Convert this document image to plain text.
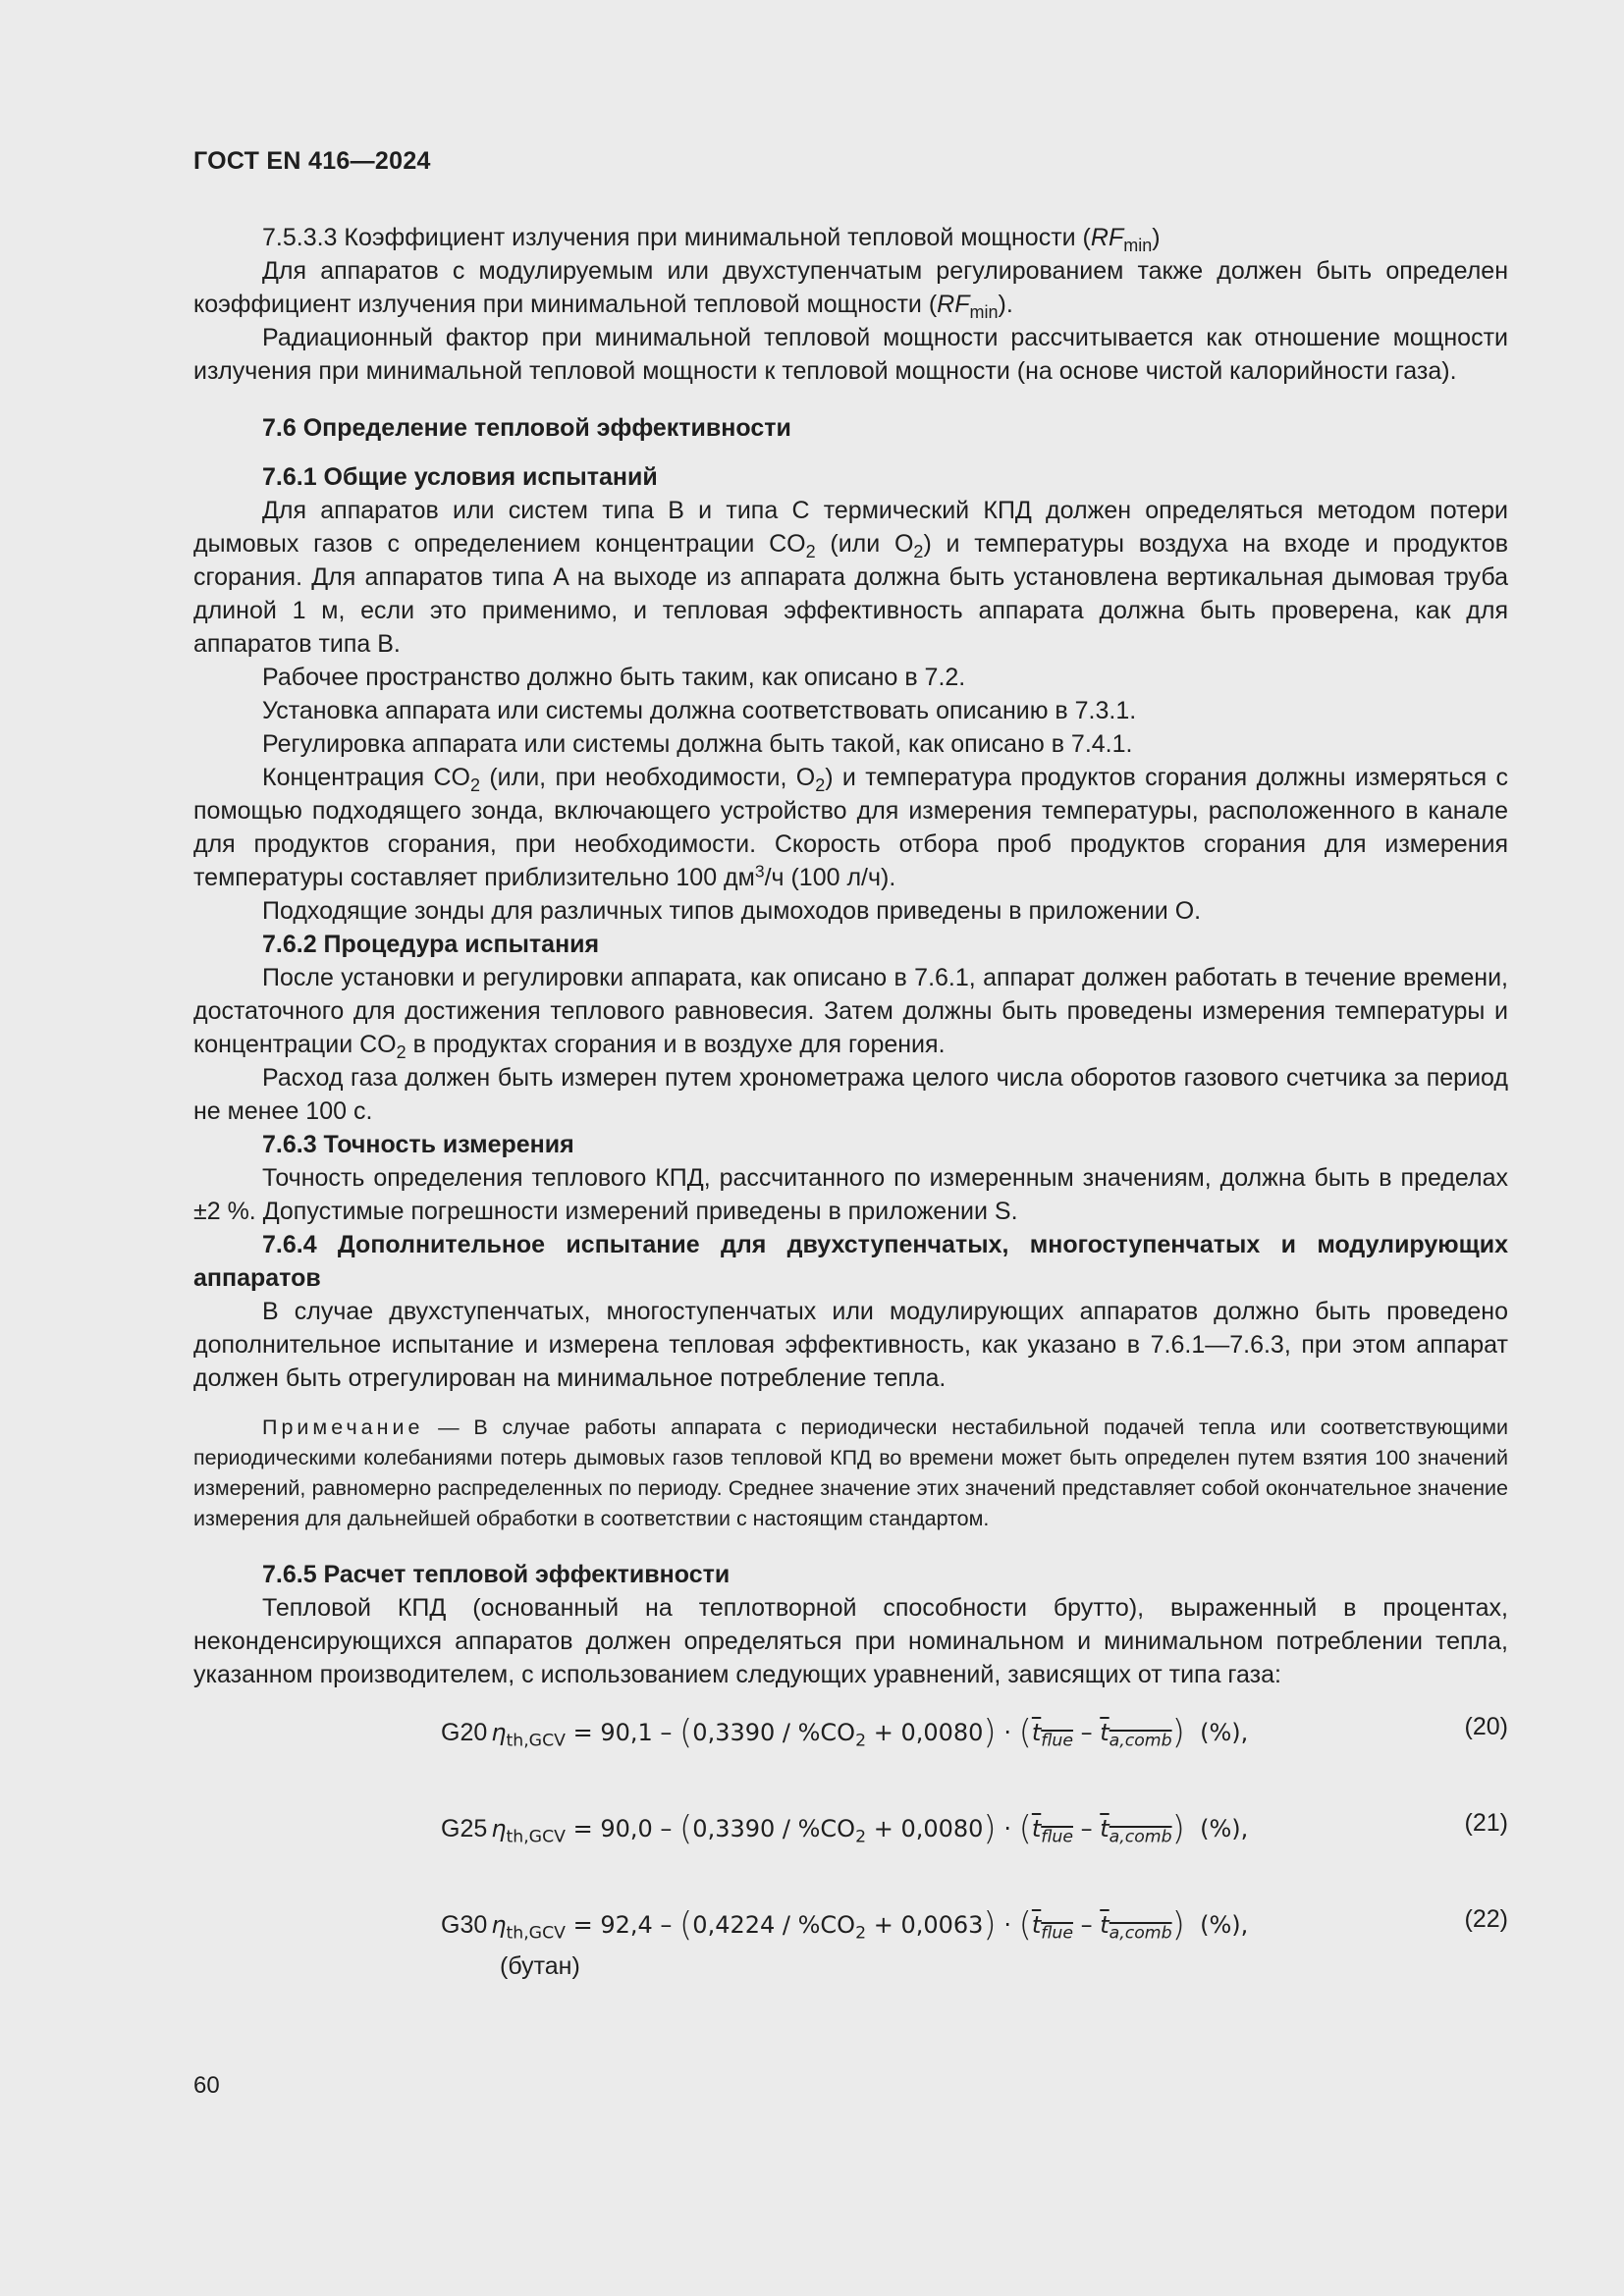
ГОСТ EN 416—2024

7.5.3.3 Коэффициент излучения при минимальной тепловой мощности $(RF_{min})$

Для аппаратов с модулируемым или двухступенчатым регулированием также должен быть определен коэффициент излучения при минимальной тепловой мощности $(RF_{min})$.

Радиационный фактор при минимальной тепловой мощности рассчитывается как отношение мощности излучения при минимальной тепловой мощности к тепловой мощности (на основе чистой калорийности газа).

7.6 Определение тепловой эффективности
7.6.1 Общие условия испытаний

Для аппаратов или систем типа B и типа C термический КПД должен определяться методом потери дымовых газов с определением концентрации $CO_2$ (или $O_2$) и температуры воздуха на входе и продуктов сгорания. Для аппаратов типа A на выходе из аппарата должна быть установлена вертикальная дымовая труба длиной 1 м, если это применимо, и тепловая эффективность аппарата должна быть проверена, как для аппаратов типа B.

Рабочее пространство должно быть таким, как описано в 7.2.

Установка аппарата или системы должна соответствовать описанию в 7.3.1.

Регулировка аппарата или системы должна быть такой, как описано в 7.4.1.

Концентрация $CO_2$ (или, при необходимости, $O_2$) и температура продуктов сгорания должны измеряться с помощью подходящего зонда, включающего устройство для измерения температуры, расположенного в канале для продуктов сгорания, при необходимости. Скорость отбора проб продуктов сгорания для измерения температуры составляет приблизительно 100 $дм^3/ч$ (100 л/ч).

Подходящие зонды для различных типов дымоходов приведены в приложении O.

7.6.2 Процедура испытания

После установки и регулировки аппарата, как описано в 7.6.1, аппарат должен работать в течение времени, достаточного для достижения теплового равновесия. Затем должны быть проведены измерения температуры и концентрации $CO_2$ в продуктах сгорания и в воздухе для горения.

Расход газа должен быть измерен путем хронометража целого числа оборотов газового счетчика за период не менее 100 с.

7.6.3 Точность измерения

Точность определения теплового КПД, рассчитанного по измеренным значениям, должна быть в пределах ±2 %. Допустимые погрешности измерений приведены в приложении S.

7.6.4 Дополнительное испытание для двухступенчатых, многоступенчатых и модулирующих аппаратов

В случае двухступенчатых, многоступенчатых или модулирующих аппаратов должно быть проведено дополнительное испытание и измерена тепловая эффективность, как указано в 7.6.1—7.6.3, при этом аппарат должен быть отрегулирован на минимальное потребление тепла.

Примечание — В случае работы аппарата с периодически нестабильной подачей тепла или соответствующими периодическими колебаниями потерь дымовых газов тепловой КПД во времени может быть определен путем взятия 100 значений измерений, равномерно распределенных по периоду. Среднее значение этих значений представляет собой окончательное значение измерения для дальнейшей обработки в соответствии с настоящим стандартом.

7.6.5 Расчет тепловой эффективности

Тепловой КПД (основанный на теплотворной способности брутто), выраженный в процентах, неконденсирующихся аппаратов должен определяться при номинальном и минимальном потреблении тепла, указанном производителем, с использованием следующих уравнений, зависящих от типа газа:

G20 $\eta_{th,GCV} = 90,1 - (0,3390 / \%CO_2 + 0,0080) \cdot (t_{flue} - t_{a,comb})$ (%),	(20)
G25 $\eta_{th,GCV} = 90,0 - (0,3390 / \%CO_2 + 0,0080) \cdot (t_{flue} - t_{a,comb})$ (%),	(21)
G30 $\eta_{th,GCV} = 92,4 - (0,4224 / \%CO_2 + 0,0063) \cdot (t_{flue} - t_{a,comb})$ (%),	(22)
(бутан)
60
